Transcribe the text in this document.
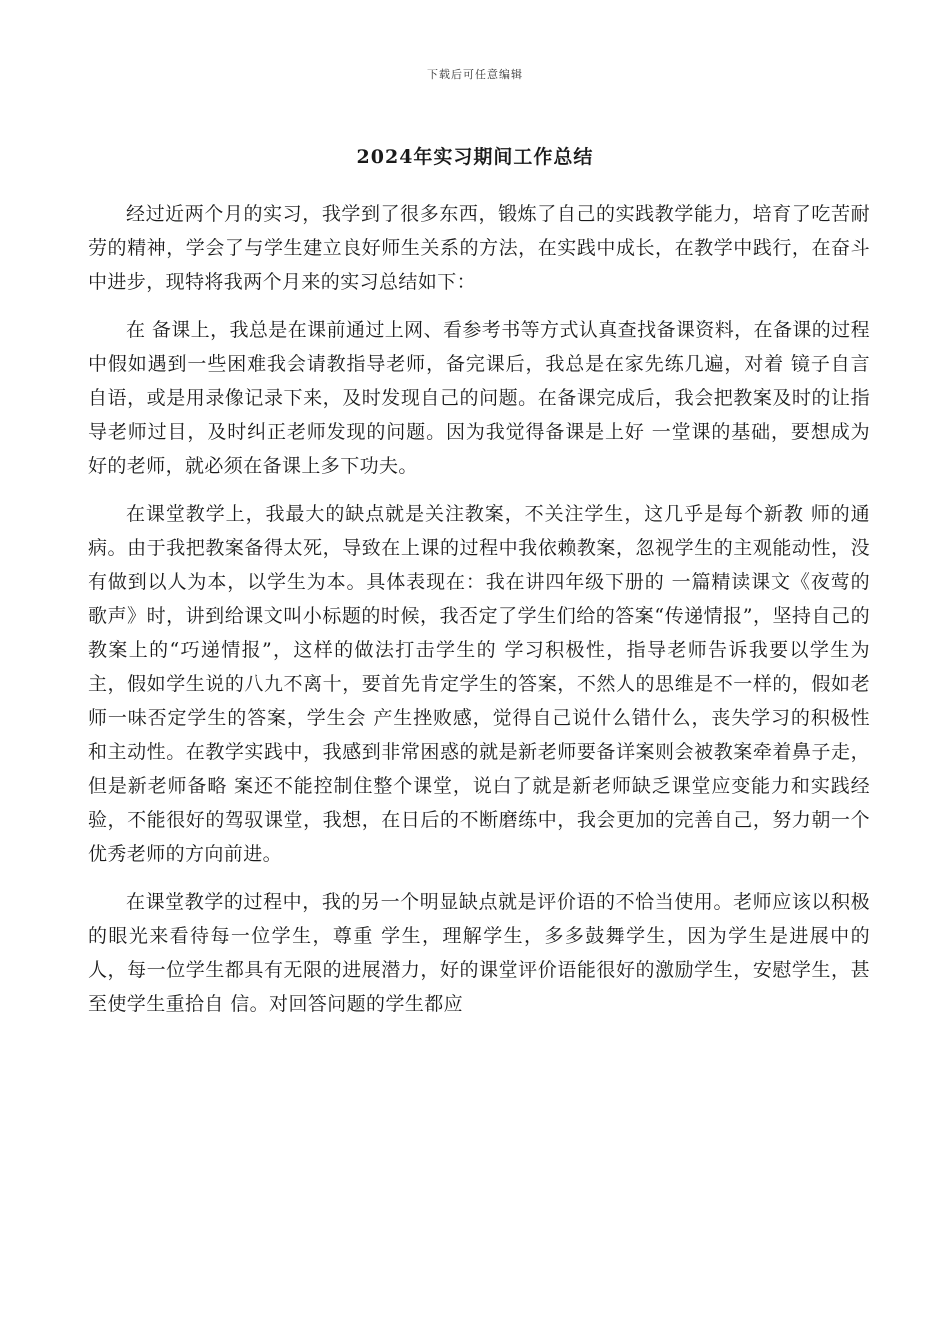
下载后可任意编辑
2024年实习期间工作总结

经过近两个月的实习，我学到了很多东西，锻炼了自己的实践教学能力，培育了吃苦耐劳的精神，学会了与学生建立良好师生关系的方法，在实践中成长，在教学中践行，在奋斗中进步，现特将我两个月来的实习总结如下：

在 备课上，我总是在课前通过上网、看参考书等方式认真查找备课资料，在备课的过程中假如遇到一些困难我会请教指导老师，备完课后，我总是在家先练几遍，对着 镜子自言自语，或是用录像记录下来，及时发现自己的问题。在备课完成后，我会把教案及时的让指导老师过目，及时纠正老师发现的问题。因为我觉得备课是上好 一堂课的基础，要想成为好的老师，就必须在备课上多下功夫。

在课堂教学上，我最大的缺点就是关注教案，不关注学生，这几乎是每个新教 师的通病。由于我把教案备得太死，导致在上课的过程中我依赖教案，忽视学生的主观能动性，没有做到以人为本，以学生为本。具体表现在：我在讲四年级下册的 一篇精读课文《夜莺的歌声》时，讲到给课文叫小标题的时候，我否定了学生们给的答案“传递情报”，坚持自己的教案上的“巧递情报”，这样的做法打击学生的 学习积极性，指导老师告诉我要以学生为主，假如学生说的八九不离十，要首先肯定学生的答案，不然人的思维是不一样的，假如老师一味否定学生的答案，学生会 产生挫败感，觉得自己说什么错什么，丧失学习的积极性和主动性。在教学实践中，我感到非常困惑的就是新老师要备详案则会被教案牵着鼻子走，但是新老师备略 案还不能控制住整个课堂，说白了就是新老师缺乏课堂应变能力和实践经验，不能很好的驾驭课堂，我想，在日后的不断磨练中，我会更加的完善自己，努力朝一个 优秀老师的方向前进。

在课堂教学的过程中，我的另一个明显缺点就是评价语的不恰当使用。老师应该以积极的眼光来看待每一位学生，尊重 学生，理解学生，多多鼓舞学生，因为学生是进展中的人，每一位学生都具有无限的进展潜力，好的课堂评价语能很好的激励学生，安慰学生，甚至使学生重拾自 信。对回答问题的学生都应
